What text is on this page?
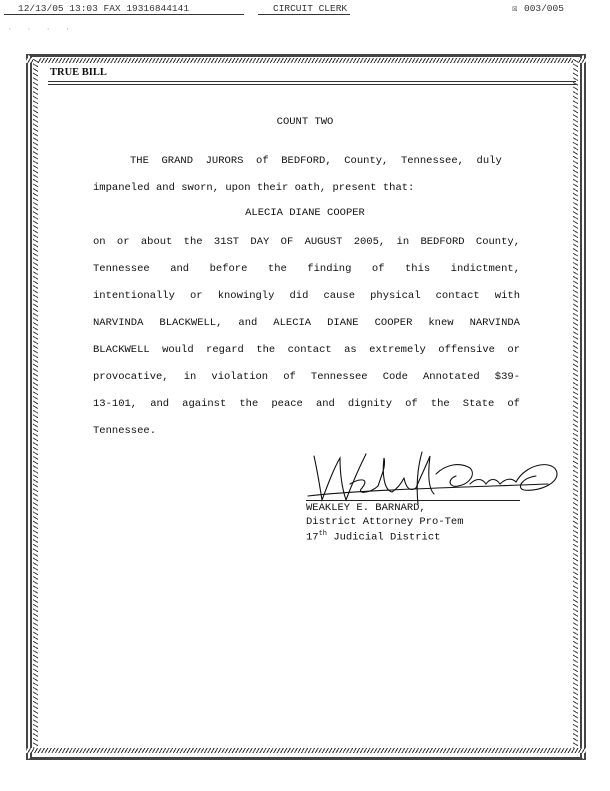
12/13/05 13:03 FAX 19316844141	CIRCUIT CLERK	☒ 003/005
· · · ·
TRUE BILL
COUNT TWO
THE  GRAND  JURORS  of  BEDFORD,  County,  Tennessee,  duly
impaneled and sworn, upon their oath, present that:
ALECIA DIANE COOPER
on or about the 31ST DAY OF AUGUST 2005, in BEDFORD County,
Tennessee and before the finding of this indictment,
intentionally or knowingly did cause physical contact with
NARVINDA BLACKWELL, and ALECIA DIANE COOPER knew NARVINDA
BLACKWELL would regard the contact as extremely offensive or
provocative, in violation of Tennessee Code Annotated $39-
13-101, and against the peace and dignity of the State of
Tennessee.
WEAKLEY E. BARNARD,
District Attorney Pro-Tem
17th Judicial District
